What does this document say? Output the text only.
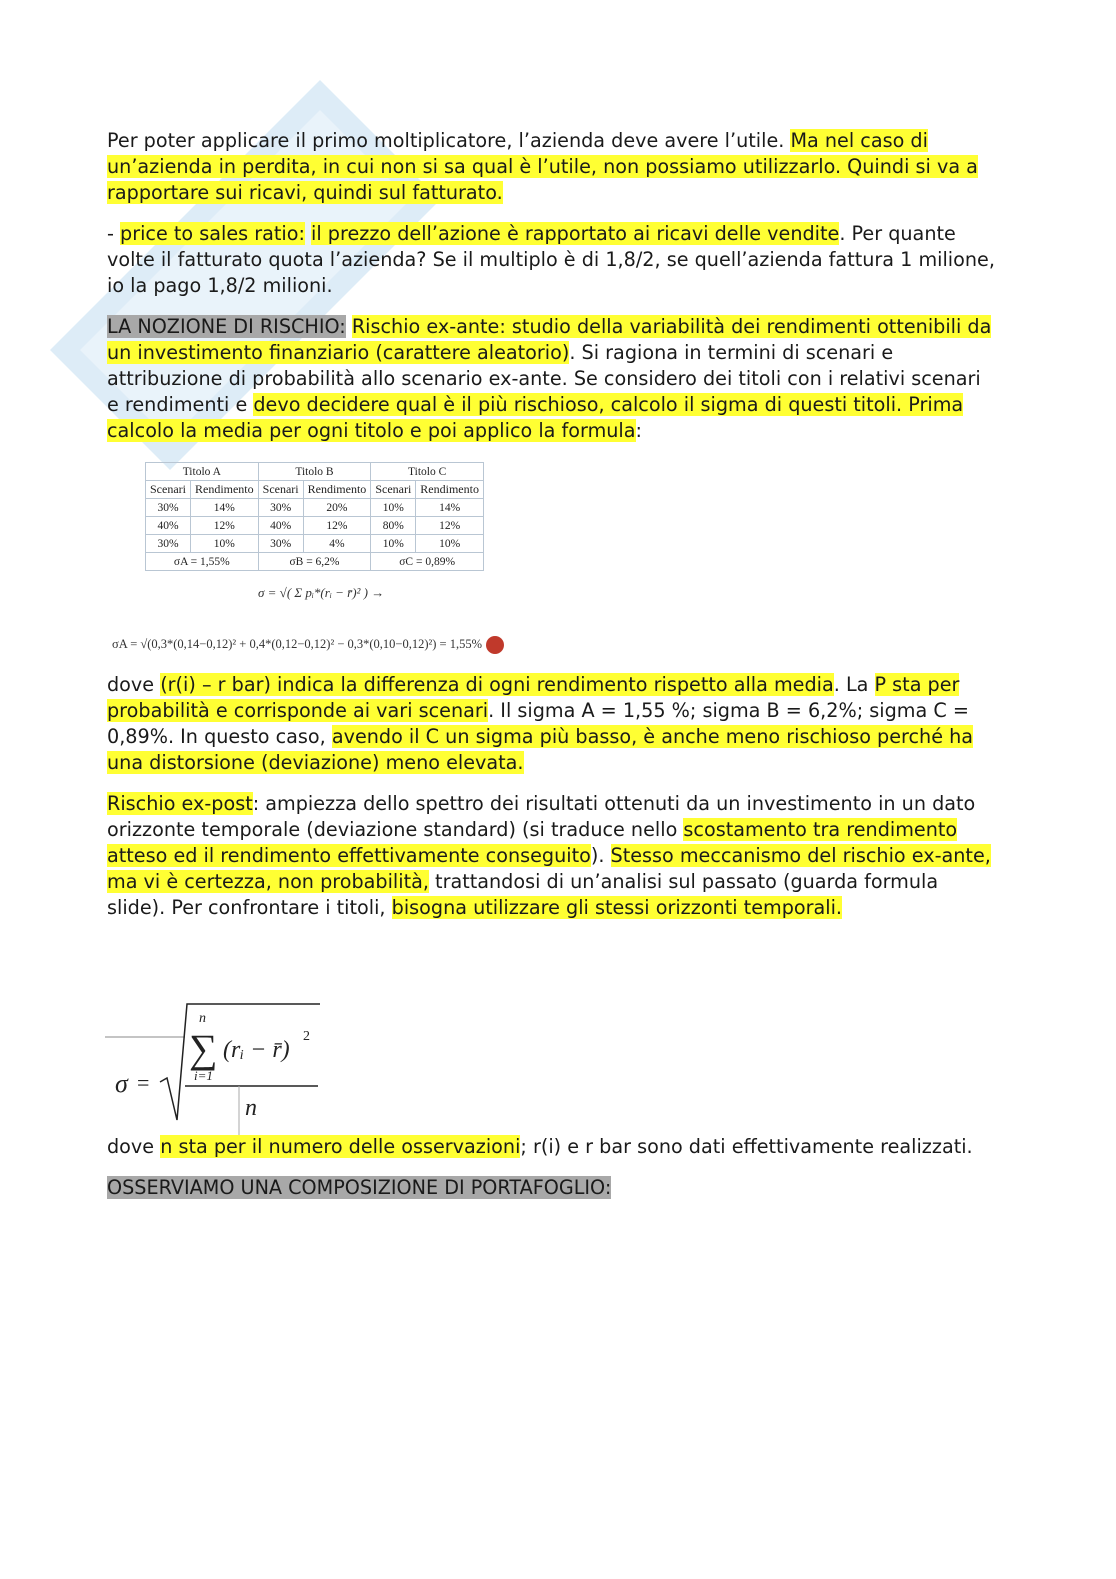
Per poter applicare il primo moltiplicatore, l’azienda deve avere l’utile. Ma nel caso di un’azienda in perdita, in cui non si sa qual è l’utile, non possiamo utilizzarlo. Quindi si va a rapportare sui ricavi, quindi sul fatturato.

- price to sales ratio: il prezzo dell’azione è rapportato ai ricavi delle vendite. Per quante volte il fatturato quota l’azienda? Se il multiplo è di 1,8/2, se quell’azienda fattura 1 milione, io la pago 1,8/2 milioni.

LA NOZIONE DI RISCHIO: Rischio ex-ante: studio della variabilità dei rendimenti ottenibili da un investimento finanziario (carattere aleatorio). Si ragiona in termini di scenari e attribuzione di probabilità allo scenario ex-ante. Se considero dei titoli con i relativi scenari e rendimenti e devo decidere qual è il più rischioso, calcolo il sigma di questi titoli. Prima calcolo la media per ogni titolo e poi applico la formula:

dove (r(i) – r bar) indica la differenza di ogni rendimento rispetto alla media. La P sta per probabilità e corrisponde ai vari scenari. Il sigma A = 1,55 %; sigma B = 6,2%; sigma C = 0,89%. In questo caso, avendo il C un sigma più basso, è anche meno rischioso perché ha una distorsione (deviazione) meno elevata.

Rischio ex-post: ampiezza dello spettro dei risultati ottenuti da un investimento in un dato orizzonte temporale (deviazione standard) (si traduce nello scostamento tra rendimento atteso ed il rendimento effettivamente conseguito). Stesso meccanismo del rischio ex-ante, ma vi è certezza, non probabilità, trattandosi di un’analisi sul passato (guarda formula slide). Per confrontare i titoli, bisogna utilizzare gli stessi orizzonti temporali.

dove n sta per il numero delle osservazioni; r(i) e r bar sono dati effettivamente realizzati.

OSSERVIAMO UNA COMPOSIZIONE DI PORTAFOGLIO:

Titolo A		Titolo B		Titolo C	
Scenari	Rendimento	Scenari	Rendimento	Scenari	Rendimento
30%	14%	30%	20%	10%	14%
40%	12%	40%	12%	80%	12%
30%	10%	30%	4%	10%	10%
σA = 1,55%		σB = 6,2%		σC = 0,89%	
σ = √( Σ pᵢ*(rᵢ − r̄)² ) →
σA = √(0,3*(0,14−0,12)² + 0,4*(0,12−0,12)² − 0,3*(0,10−0,12)²) = 1,55%
σ =
n
∑
i=1
(rᵢ − r̄)
2
n
